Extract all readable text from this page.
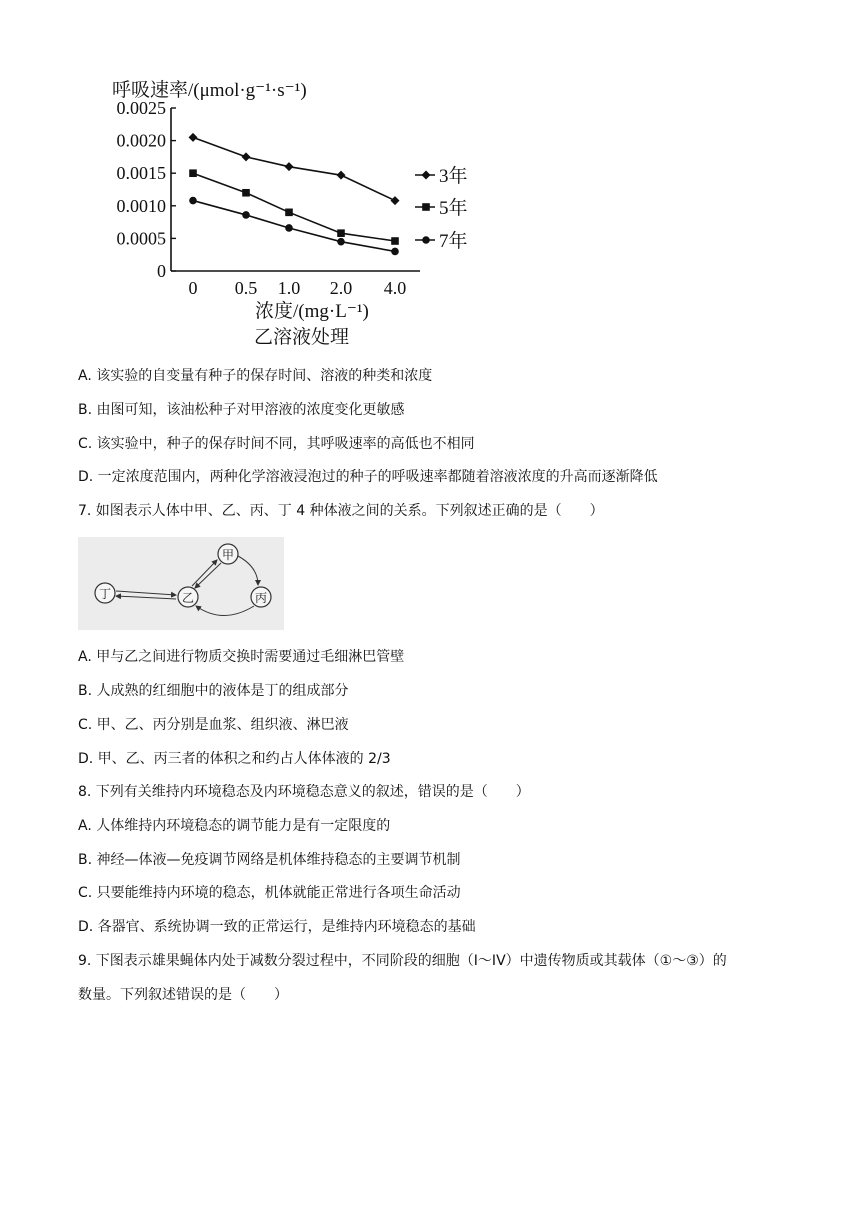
呼吸速率/(μmol·g⁻¹·s⁻¹)
0
0.0005
0.0010
0.0015
0.0020
0.0025
0 0.5 1.0 2.0 4.0
3年
5年
7年
浓度/(mg·L⁻¹)
乙溶液处理
A. 该实验的自变量有种子的保存时间、溶液的种类和浓度
B. 由图可知，该油松种子对甲溶液的浓度变化更敏感
C. 该实验中，种子的保存时间不同，其呼吸速率的高低也不相同
D. 一定浓度范围内，两种化学溶液浸泡过的种子的呼吸速率都随着溶液浓度的升高而逐渐降低
7. 如图表示人体中甲、乙、丙、丁 4 种体液之间的关系。下列叙述正确的是（　　）
甲
乙	丙
丁
A. 甲与乙之间进行物质交换时需要通过毛细淋巴管壁
B. 人成熟的红细胞中的液体是丁的组成部分
C. 甲、乙、丙分别是血浆、组织液、淋巴液
D. 甲、乙、丙三者的体积之和约占人体体液的 2/3
8. 下列有关维持内环境稳态及内环境稳态意义的叙述，错误的是（　　）
A. 人体维持内环境稳态的调节能力是有一定限度的
B. 神经—体液—免疫调节网络是机体维持稳态的主要调节机制
C. 只要能维持内环境的稳态，机体就能正常进行各项生命活动
D. 各器官、系统协调一致的正常运行，是维持内环境稳态的基础
9. 下图表示雄果蝇体内处于减数分裂过程中，不同阶段的细胞（I～IV）中遗传物质或其载体（①～③）的
数量。下列叙述错误的是（　　）
